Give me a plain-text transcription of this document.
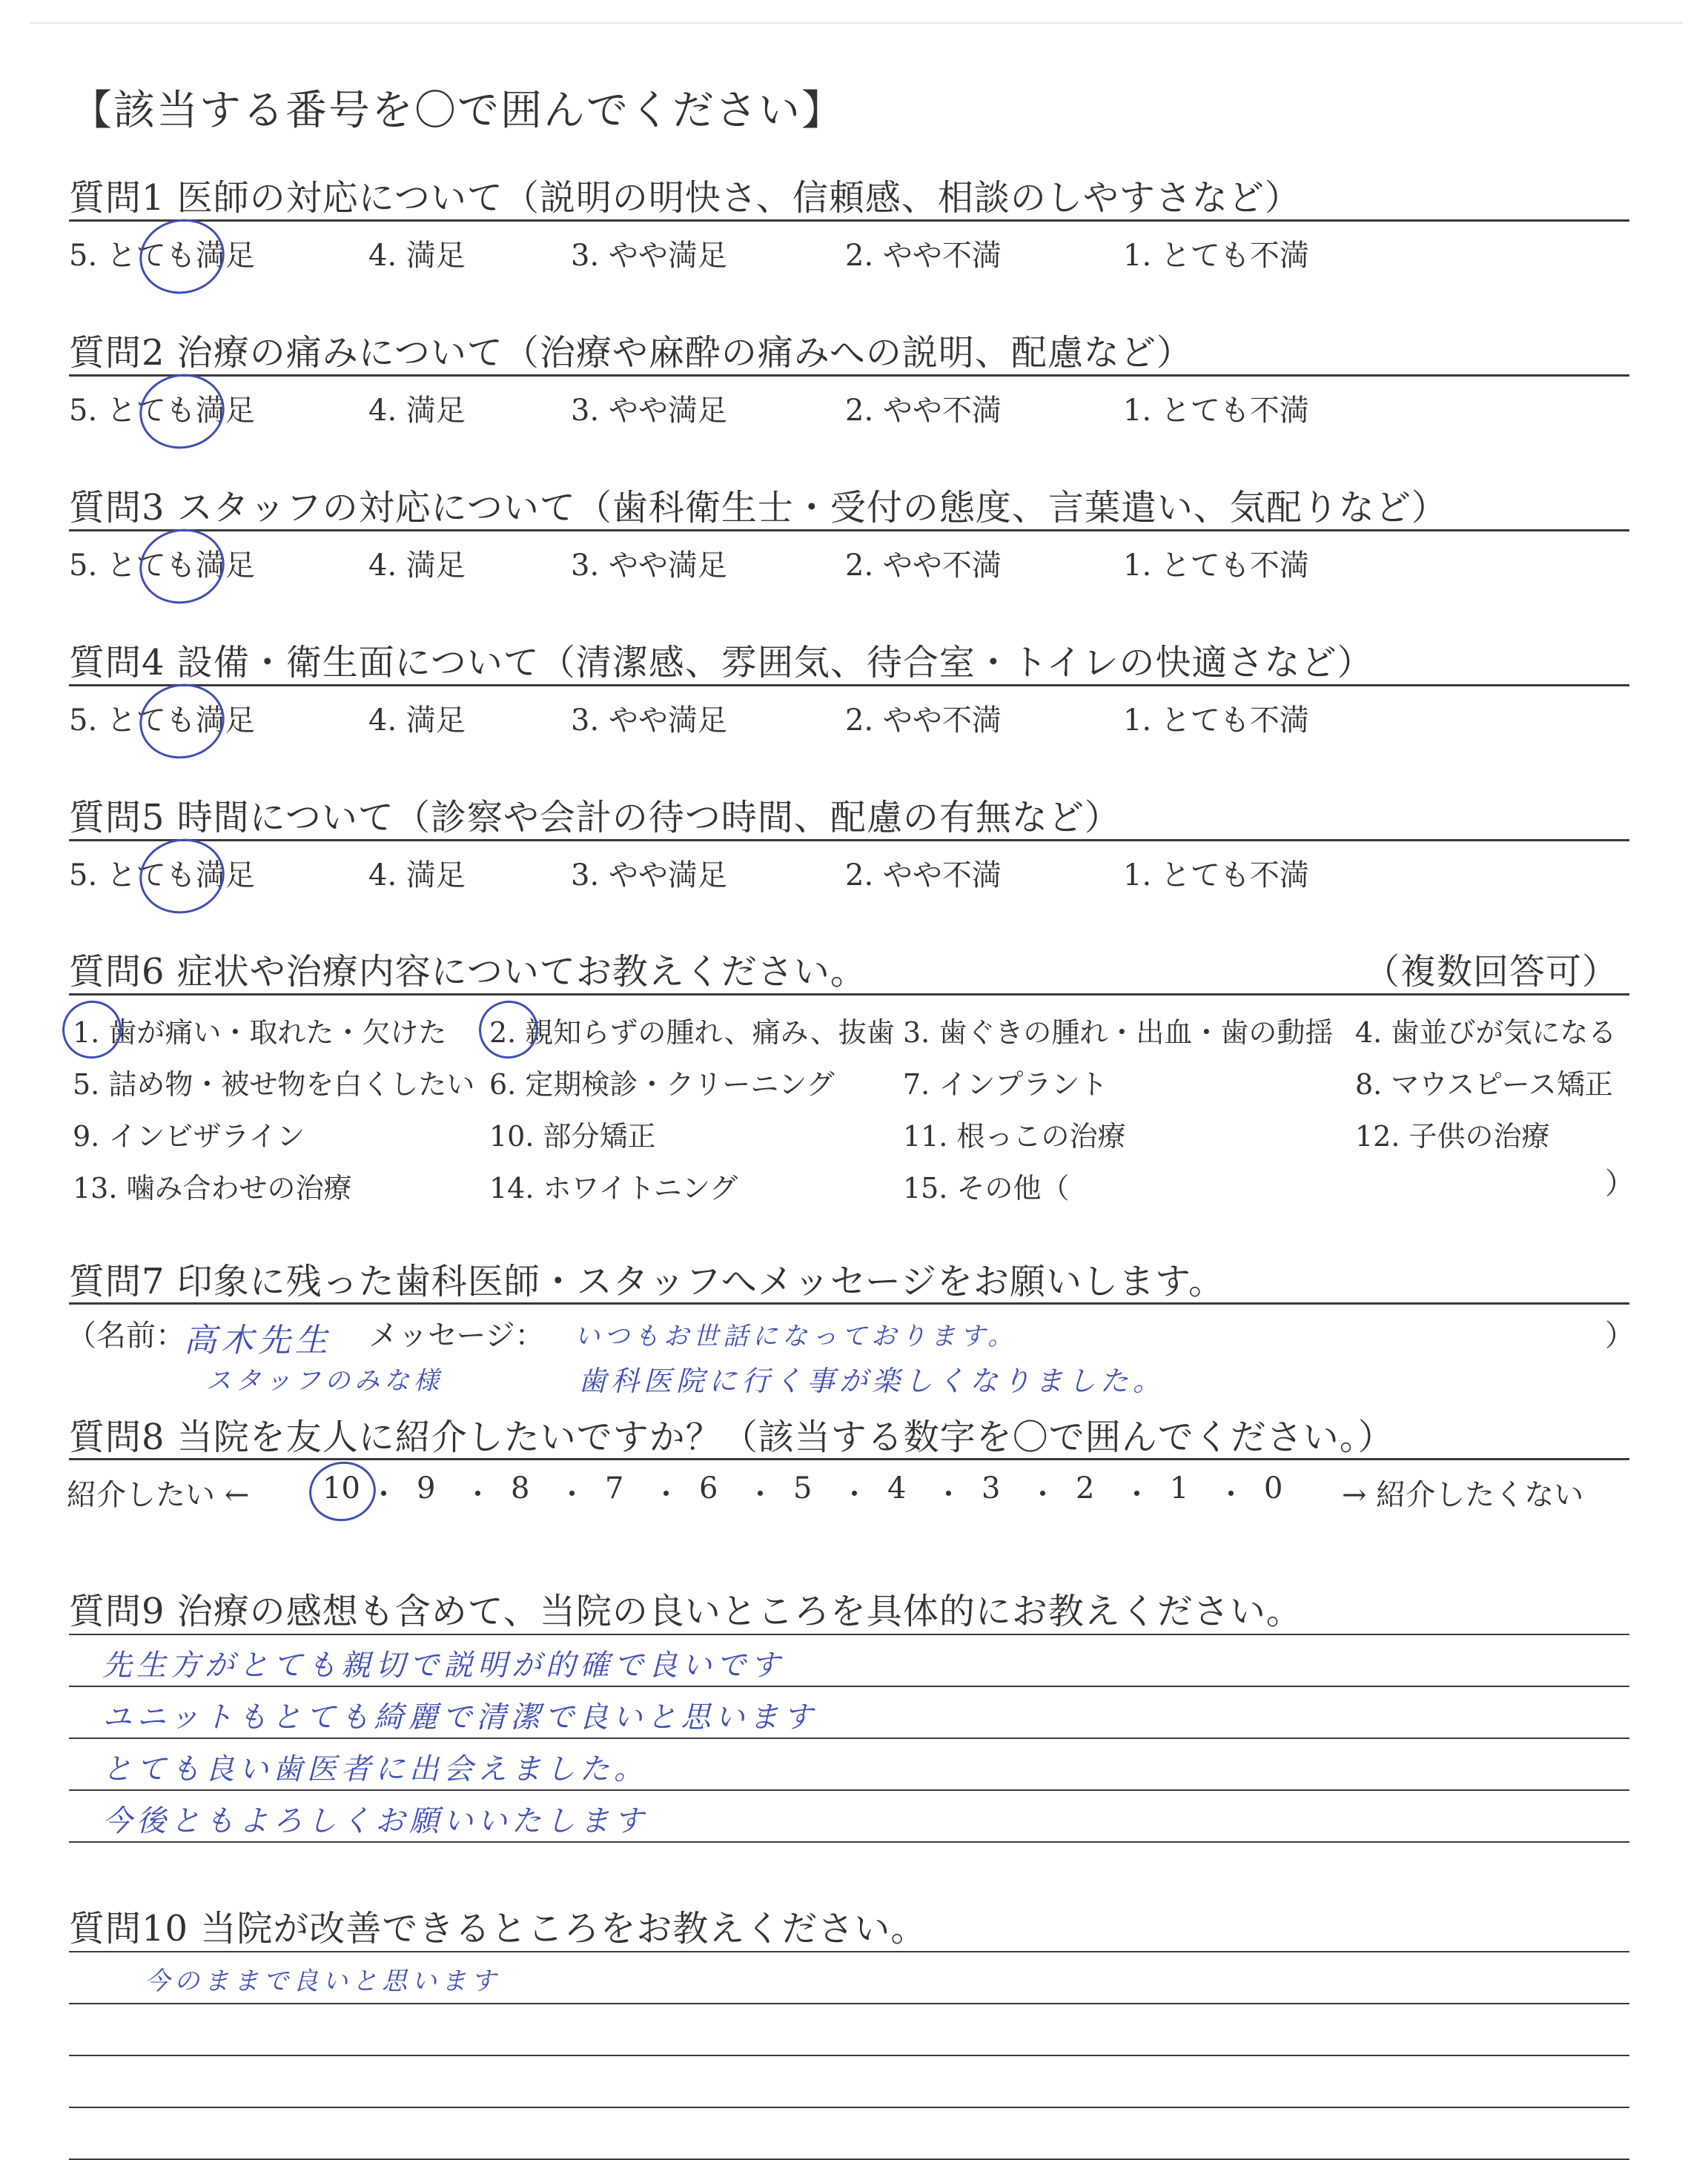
【該当する番号を〇で囲んでください】
質問1 医師の対応について（説明の明快さ、信頼感、相談のしやすさなど）
5. とても満足	4. 満足	3. やや満足	2. やや不満	1. とても不満
質問2 治療の痛みについて（治療や麻酔の痛みへの説明、配慮など）
5. とても満足	4. 満足	3. やや満足	2. やや不満	1. とても不満
質問3 スタッフの対応について（歯科衛生士・受付の態度、言葉遣い、気配りなど）
5. とても満足	4. 満足	3. やや満足	2. やや不満	1. とても不満
質問4 設備・衛生面について（清潔感、雰囲気、待合室・トイレの快適さなど）
5. とても満足	4. 満足	3. やや満足	2. やや不満	1. とても不満
質問5 時間について（診察や会計の待つ時間、配慮の有無など）
5. とても満足	4. 満足	3. やや満足	2. やや不満	1. とても不満
質問6 症状や治療内容についてお教えください。	（複数回答可）
1. 歯が痛い・取れた・欠けた 2. 親知らずの腫れ、痛み、抜歯 3. 歯ぐきの腫れ・出血・歯の動揺 4. 歯並びが気になる
5. 詰め物・被せ物を白くしたい 6. 定期検診・クリーニング 7. インプラント	8. マウスピース矯正
9. インビザライン	10. 部分矯正	11. 根っこの治療	12. 子供の治療
13. 噛み合わせの治療	14. ホワイトニング	15. その他（	）
質問7 印象に残った歯科医師・スタッフへメッセージをお願いします。
（名前：	メッセージ：	）
高木先生
スタッフのみな様
いつもお世話になっております。
歯科医院に行く事が楽しくなりました。
質問8 当院を友人に紹介したいですか？（該当する数字を〇で囲んでください。）
紹介したい ←	→ 紹介したくない
10 ・ 9 ・ 8 ・ 7 ・ 6 ・ 5 ・ 4 ・ 3 ・ 2 ・ 1 ・ 0
質問9 治療の感想も含めて、当院の良いところを具体的にお教えください。
先生方がとても親切で説明が的確で良いです
ユニットもとても綺麗で清潔で良いと思います
とても良い歯医者に出会えました。
今後ともよろしくお願いいたします
質問10 当院が改善できるところをお教えください。
今のままで良いと思います
